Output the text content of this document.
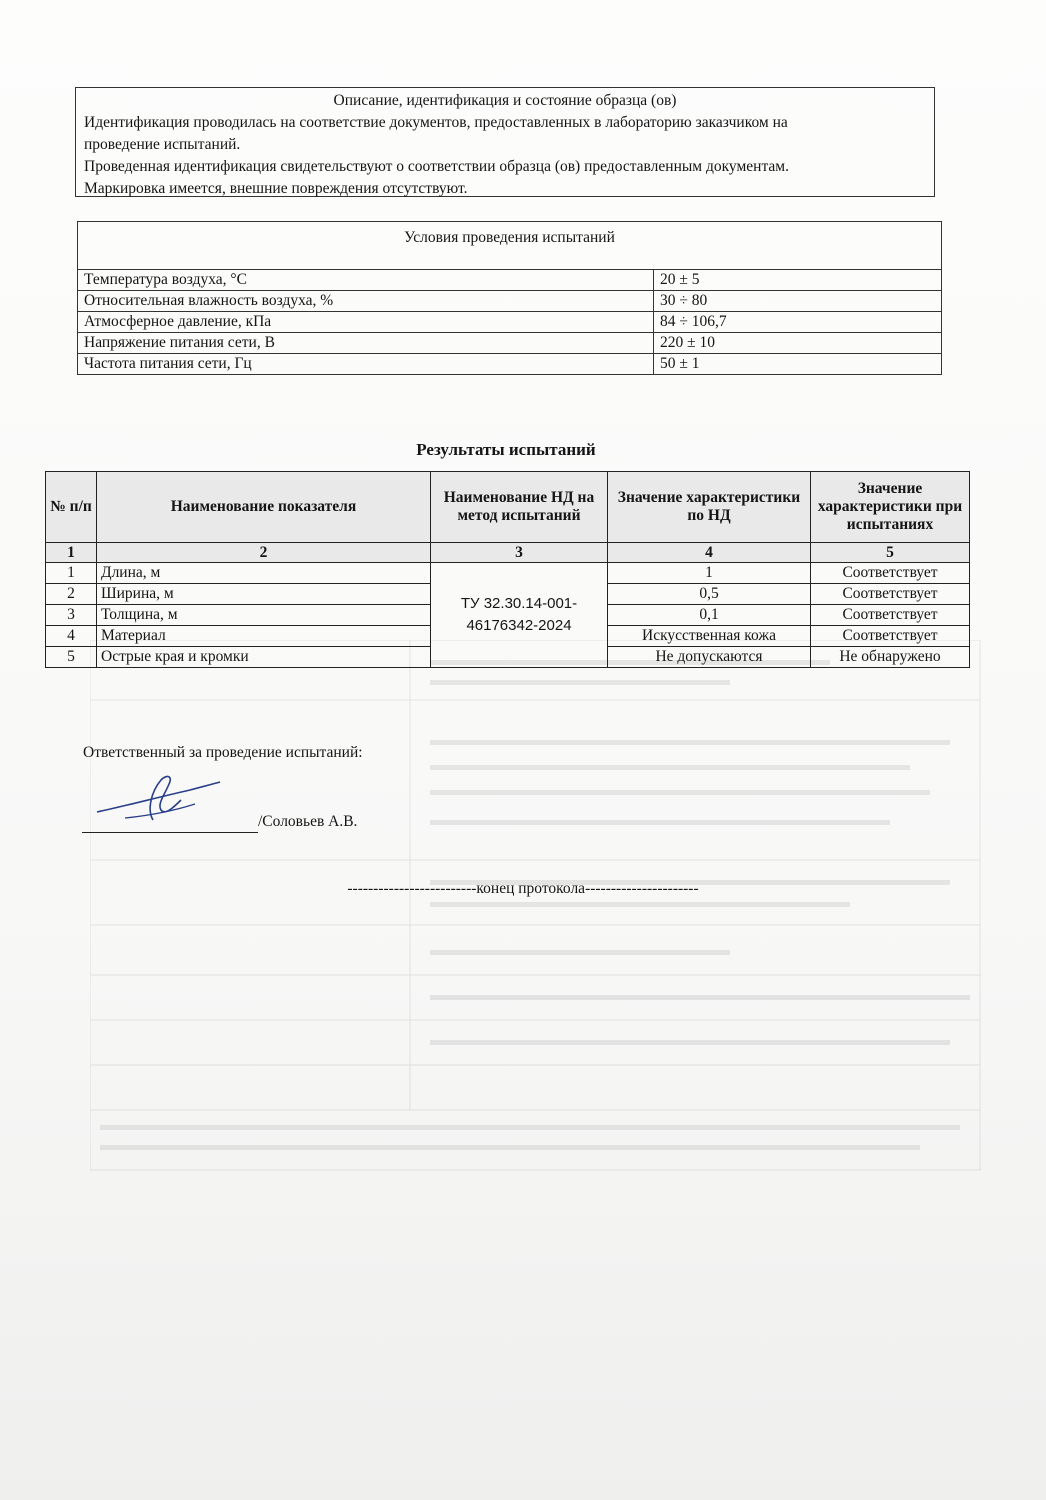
Описание, идентификация и состояние образца (ов)

Идентификация проводилась на соответствие документов, предоставленных в лабораторию заказчиком на

проведение испытаний.

Проведенная идентификация свидетельствуют о соответствии образца (ов) предоставленным документам.

Маркировка имеется, внешние повреждения отсутствуют.

Условия проведения испытаний	
Температура воздуха, °С	20 ± 5
Относительная влажность воздуха, %	30 ÷ 80
Атмосферное давление, кПа	84 ÷ 106,7
Напряжение питания сети, В	220 ± 10
Частота питания сети, Гц	50 ± 1
Результаты испытаний
№ п/п	Наименование показателя	Наименование НД на метод испытаний	Значение характеристики по НД	Значение характеристики при испытаниях
1	2	3	4	5
1	Длина, м	ТУ 32.30.14-001-46176342-2024	1	Соответствует
2	Ширина, м		0,5	Соответствует
3	Толщина, м		0,1	Соответствует
4	Материал		Искусственная кожа	Соответствует
5	Острые края и кромки		Не допускаются	Не обнаружено
Ответственный за проведение испытаний:
/Соловьев А.В.
-------------------------конец протокола----------------------
